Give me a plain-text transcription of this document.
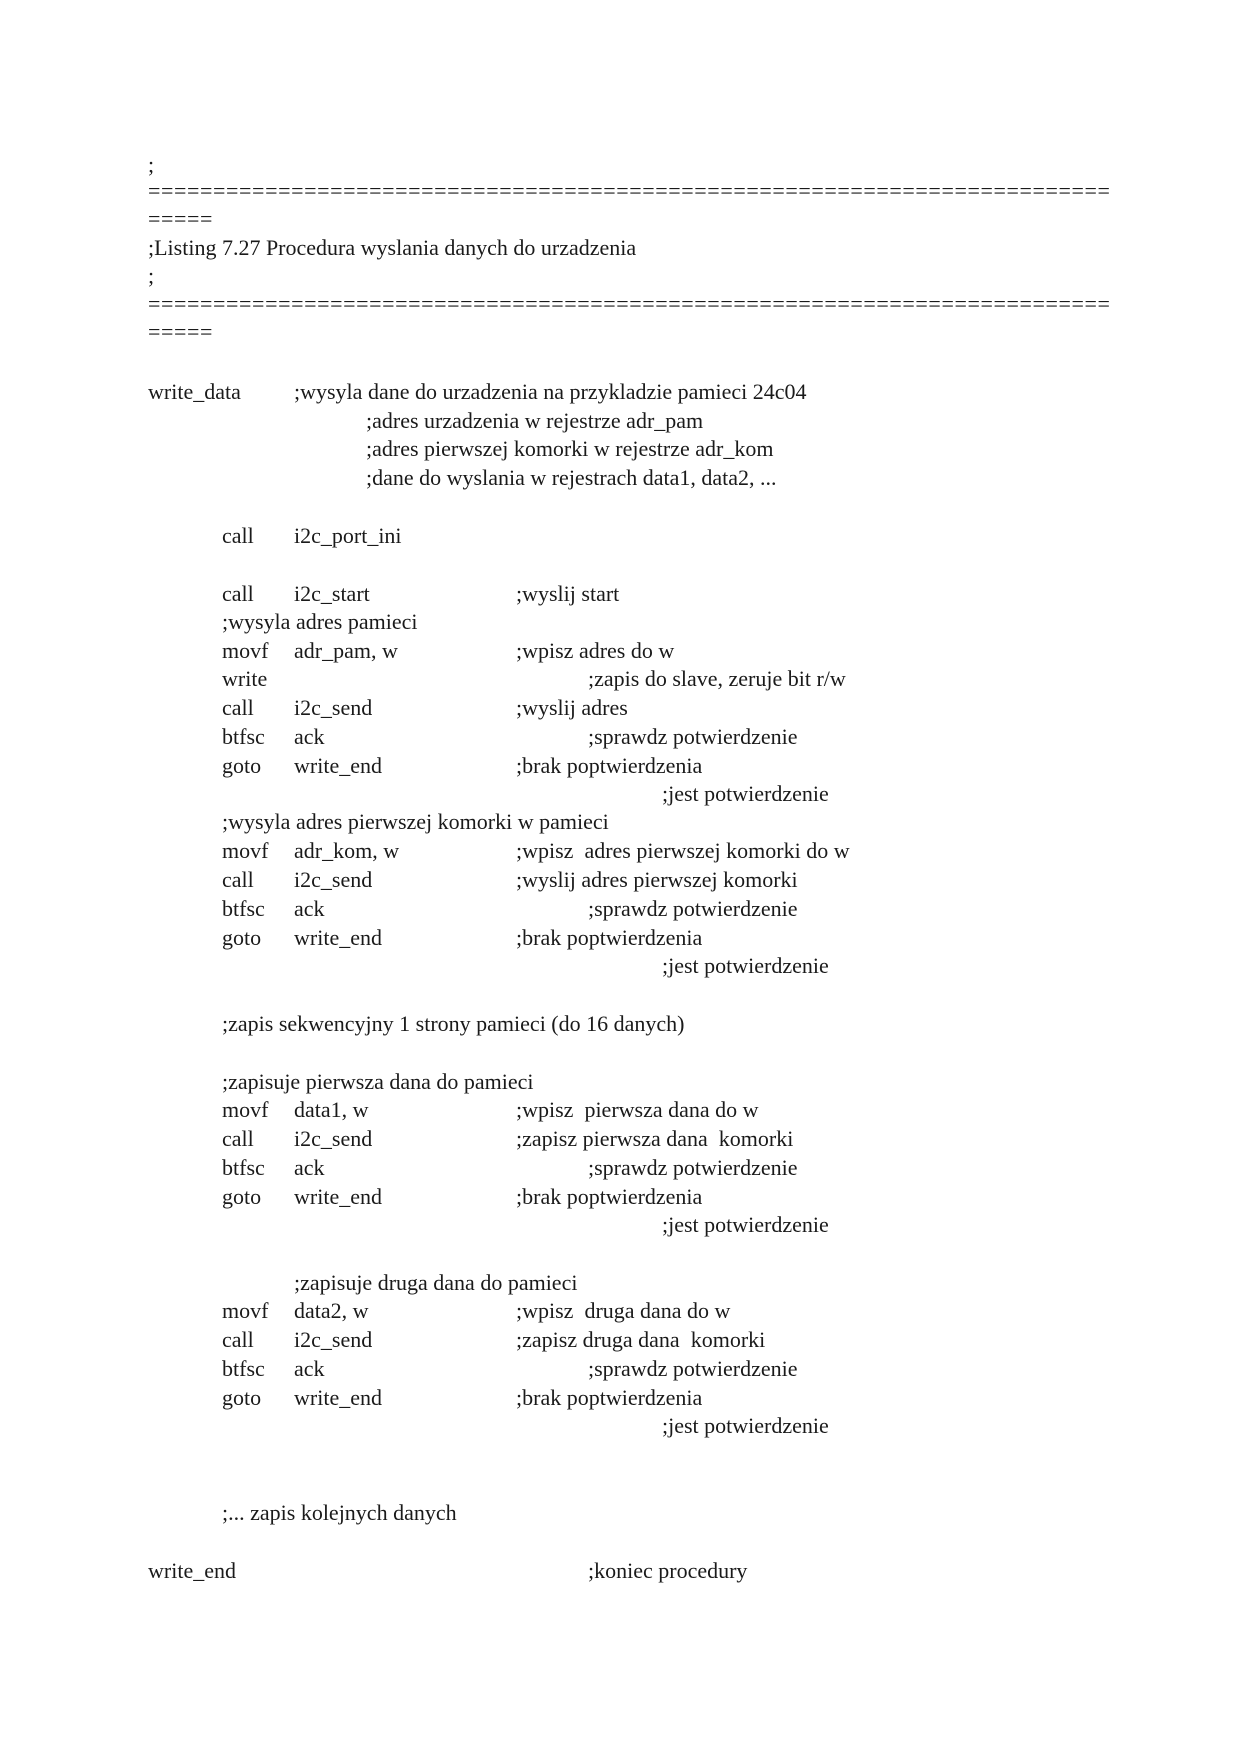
;
==========================================================================
=====
;Listing 7.27 Procedura wyslania danych do urzadzenia
;
==========================================================================
=====
write_data ;wysyla dane do urzadzenia na przykladzie pamieci 24c04
;adres urzadzenia w rejestrze adr_pam
;adres pierwszej komorki w rejestrze adr_kom
;dane do wyslania w rejestrach data1, data2, ...
call i2c_port_ini
call i2c_start	;wyslij start
;wysyla adres pamieci
movf adr_pam, w	;wpisz adres do w
write	;zapis do slave, zeruje bit r/w
call i2c_send	;wyslij adres
btfsc ack	;sprawdz potwierdzenie
goto write_end	;brak poptwierdzenia
;jest potwierdzenie
;wysyla adres pierwszej komorki w pamieci
movf adr_kom, w	;wpisz  adres pierwszej komorki do w
call i2c_send	;wyslij adres pierwszej komorki
btfsc ack	;sprawdz potwierdzenie
goto write_end	;brak poptwierdzenia
;jest potwierdzenie
;zapis sekwencyjny 1 strony pamieci (do 16 danych)
;zapisuje pierwsza dana do pamieci
movf data1, w	;wpisz  pierwsza dana do w
call i2c_send	;zapisz pierwsza dana  komorki
btfsc ack	;sprawdz potwierdzenie
goto write_end	;brak poptwierdzenia
;jest potwierdzenie
;zapisuje druga dana do pamieci
movf data2, w	;wpisz  druga dana do w
call i2c_send	;zapisz druga dana  komorki
btfsc ack	;sprawdz potwierdzenie
goto write_end	;brak poptwierdzenia
;jest potwierdzenie
;... zapis kolejnych danych
write_end	;koniec procedury
